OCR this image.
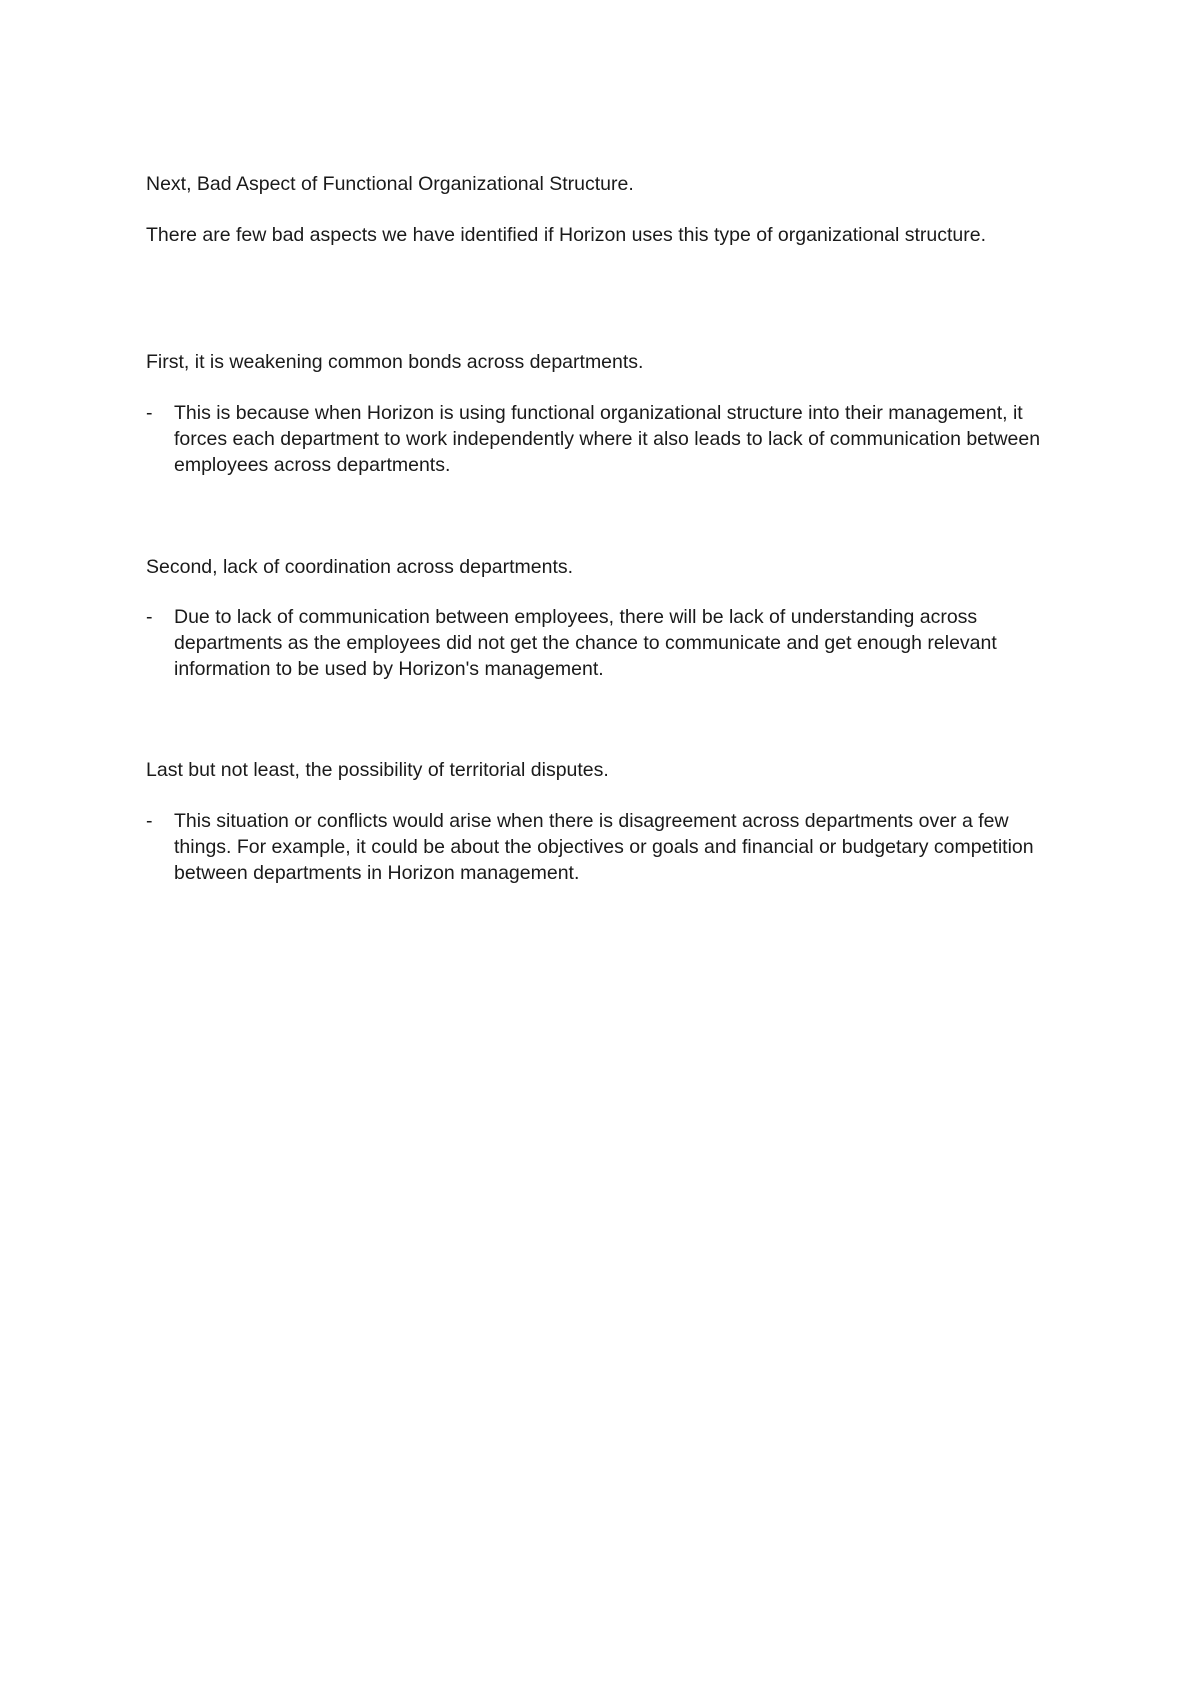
Next, Bad Aspect of Functional Organizational Structure.

There are few bad aspects we have identified if Horizon uses this type of organizational structure.

First, it is weakening common bonds across departments.

- This is because when Horizon is using functional organizational structure into their management, it forces each department to work independently where it also leads to lack of communication between employees across departments.

Second, lack of coordination across departments.

- Due to lack of communication between employees, there will be lack of understanding across departments as the employees did not get the chance to communicate and get enough relevant information to be used by Horizon's management.

Last but not least, the possibility of territorial disputes.

- This situation or conflicts would arise when there is disagreement across departments over a few things. For example, it could be about the objectives or goals and financial or budgetary competition between departments in Horizon management.
